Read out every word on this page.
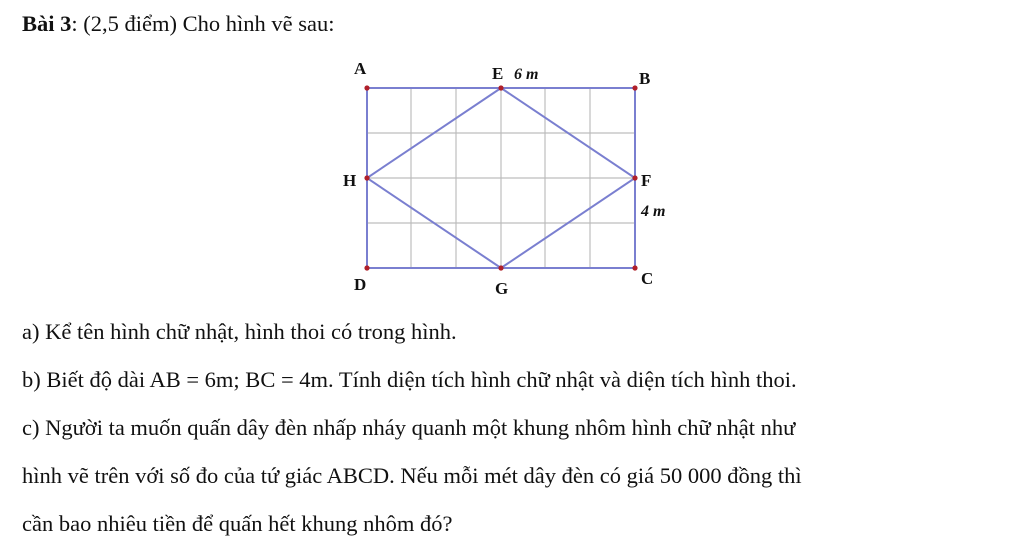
Bài 3: (2,5 điểm) Cho hình vẽ sau:
A	E 6 m	B
H	F
4 m
D	G
C
a) Kể tên hình chữ nhật, hình thoi có trong hình.
b) Biết độ dài AB = 6m; BC = 4m. Tính diện tích hình chữ nhật và diện tích hình thoi.
c) Người ta muốn quấn dây đèn nhấp nháy quanh một khung nhôm hình chữ nhật như
hình vẽ trên với số đo của tứ giác ABCD. Nếu mỗi mét dây đèn có giá 50 000 đồng thì
cần bao nhiêu tiền để quấn hết khung nhôm đó?
